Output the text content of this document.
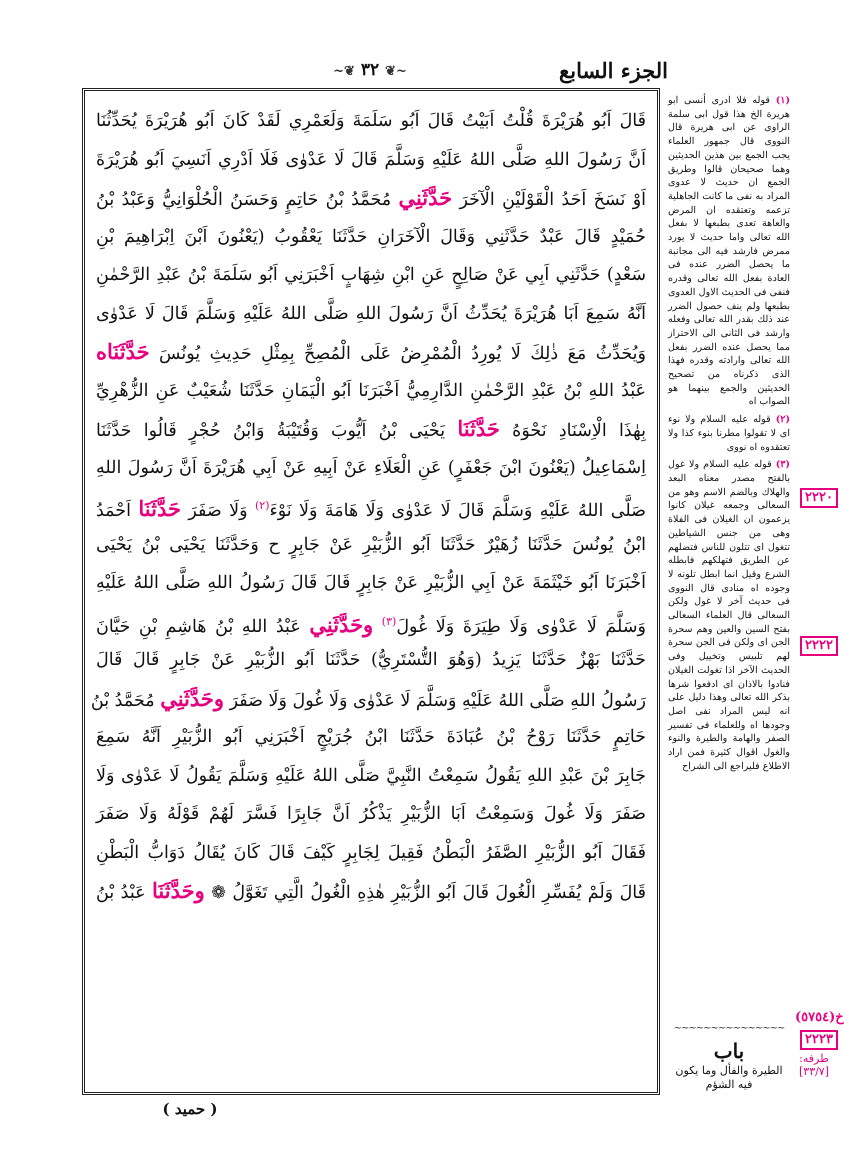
الجزء السابع
~❦ ٣٢ ❦~
قَالَ اَبُو هُرَيْرَةَ قُلْتُ اَبَيْتُ قَالَ اَبُو سَلَمَةَ وَلَعَمْرِي لَقَدْ كَانَ اَبُو هُرَيْرَةَ يُحَدِّثُنَا
اَنَّ رَسُولَ اللهِ صَلَّى اللهُ عَلَيْهِ وَسَلَّمَ قَالَ لَا عَدْوٰى فَلَا اَدْرِي اَنَسِيَ اَبُو هُرَيْرَةَ
اَوْ نَسَخَ اَحَدُ الْقَوْلَيْنِ الْآخَرَ حَدَّثَنِي مُحَمَّدُ بْنُ حَاتِمٍ وَحَسَنُ الْحُلْوَانِيُّ وَعَبْدُ بْنُ
حُمَيْدٍ قَالَ عَبْدٌ حَدَّثَنِي وَقَالَ الْآخَرَانِ حَدَّثَنَا يَعْقُوبُ (يَعْنُونَ اَبْنَ اِبْرَاهِيمَ بْنِ
سَعْدٍ) حَدَّثَنِي اَبِي عَنْ صَالِحٍ عَنِ ابْنِ شِهَابٍ اَخْبَرَنِي اَبُو سَلَمَةَ بْنُ عَبْدِ الرَّحْمٰنِ
اَنَّهُ سَمِعَ اَبَا هُرَيْرَةَ يُحَدِّثُ اَنَّ رَسُولَ اللهِ صَلَّى اللهُ عَلَيْهِ وَسَلَّمَ قَالَ لَا عَدْوٰى
وَيُحَدِّثُ مَعَ ذٰلِكَ لَا يُورِدُ الْمُمْرِضُ عَلَى الْمُصِحِّ بِمِثْلِ حَدِيثِ يُونُسَ حَدَّثَنَاه
عَبْدُ اللهِ بْنُ عَبْدِ الرَّحْمٰنِ الدَّارِمِيُّ اَخْبَرَنَا اَبُو الْيَمَانِ حَدَّثَنَا شُعَيْبٌ عَنِ الزُّهْرِيِّ
بِهٰذَا الْاِسْنَادِ نَحْوَهُ حَدَّثَنَا يَحْيَى بْنُ اَيُّوبَ وَقُتَيْبَةُ وَابْنُ حُجْرٍ قَالُوا حَدَّثَنَا
اِسْمَاعِيلُ (يَعْنُونَ ابْنَ جَعْفَرٍ) عَنِ الْعَلَاءِ عَنْ اَبِيهِ عَنْ اَبِي هُرَيْرَةَ اَنَّ رَسُولَ اللهِ
صَلَّى اللهُ عَلَيْهِ وَسَلَّمَ قَالَ لَا عَدْوٰى وَلَا هَامَةَ وَلَا نَوْءَ$^{(٢)}$ وَلَا صَفَرَ حَدَّثَنَا اَحْمَدُ
ابْنُ يُونُسَ حَدَّثَنَا زُهَيْرٌ حَدَّثَنَا اَبُو الزُّبَيْرِ عَنْ جَابِرٍ ح وَحَدَّثَنَا يَحْيَى بْنُ يَحْيَى
اَخْبَرَنَا اَبُو خَيْثَمَةَ عَنْ اَبِي الزُّبَيْرِ عَنْ جَابِرٍ قَالَ قَالَ رَسُولُ اللهِ صَلَّى اللهُ عَلَيْهِ
وَسَلَّمَ لَا عَدْوٰى وَلَا طِيَرَةَ وَلَا غُولَ$^{(٣)}$ وحَدَّثَنِي عَبْدُ اللهِ بْنُ هَاشِمِ بْنِ حَيَّانَ
حَدَّثَنَا بَهْزٌ حَدَّثَنَا يَزِيدُ (وَهُوَ التُّسْتَرِيُّ) حَدَّثَنَا اَبُو الزُّبَيْرِ عَنْ جَابِرٍ قَالَ قَالَ
رَسُولُ اللهِ صَلَّى اللهُ عَلَيْهِ وَسَلَّمَ لَا عَدْوٰى وَلَا غُولَ وَلَا صَفَرَ وحَدَّثَنِي مُحَمَّدُ بْنُ
حَاتِمٍ حَدَّثَنَا رَوْحُ بْنُ عُبَادَةَ حَدَّثَنَا ابْنُ جُرَيْجٍ اَخْبَرَنِي اَبُو الزُّبَيْرِ اَنَّهُ سَمِعَ
جَابِرَ بْنَ عَبْدِ اللهِ يَقُولُ سَمِعْتُ النَّبِيَّ صَلَّى اللهُ عَلَيْهِ وَسَلَّمَ يَقُولُ لَا عَدْوٰى وَلَا
صَفَرَ وَلَا غُولَ وَسَمِعْتُ اَبَا الزُّبَيْرِ يَذْكُرُ اَنَّ جَابِرًا فَسَّرَ لَهُمْ قَوْلَهُ وَلَا صَفَرَ
فَقَالَ اَبُو الزُّبَيْرِ الصَّفَرُ الْبَطْنُ فَقِيلَ لِجَابِرٍ كَيْفَ قَالَ كَانَ يُقَالُ دَوَابُّ الْبَطْنِ
قَالَ وَلَمْ يُفَسِّرِ الْغُولَ قَالَ اَبُو الزُّبَيْرِ هٰذِهِ الْغُولُ الَّتِي تَغَوَّلُ ❁ وحَدَّثَنَا عَبْدُ بْنُ
(١) قوله فلا ادرى أنسى ابو هريرة الخ هذا قول ابى سلمة الراوى عن ابى هريرة قال النووى قال جمهور العلماء يجب الجمع بين هذين الحديثين وهما صحيحان قالوا وطريق الجمع ان حديث لا عدوى المراد به نفى ما كانت الجاهلية تزعمه وتعتقده ان المرض والعاهة تعدى بطبعها لا بفعل الله تعالى واما حديث لا يورد ممرض فارشد فيه الى مجانبة ما يحصل الضرر عنده فى العادة بفعل الله تعالى وقدره فنفى فى الحديث الاول العدوى بطبعها ولم ينف حصول الضرر عند ذلك بقدر الله تعالى وفعله وارشد فى الثانى الى الاحتراز مما يحصل عنده الضرر بفعل الله تعالى وارادته وقدره فهذا الذى ذكرناه من تصحيح الحديثين والجمع بينهما هو الصواب اه
(٢) قوله عليه السلام ولا نوء اى لا تقولوا مطرنا بنوء كذا ولا تعتقدوه اه نووى
(٣) قوله عليه السلام ولا غول بالفتح مصدر معناه البعد والهلاك وبالضم الاسم وهو من السعالى وجمعه غيلان كانوا يزعمون ان الغيلان فى الفلاة وهى من جنس الشياطين تتغول اى تتلون للناس فتضلهم عن الطريق فتهلكهم فابطله الشرع وقيل انما ابطل تلونه لا وجوده اه منادى قال النووى فى حديث آخر لا غول ولكن السعالى قال العلماء السعالى بفتح السين والعين وهم سحرة الجن اى ولكن فى الجن سحرة لهم تلبيس وتخييل وفى الحديث الآخر اذا تغولت الغيلان فنادوا بالاذان اى ادفعوا شرها بذكر الله تعالى وهذا دليل على انه ليس المراد نفى اصل وجودها اه وللعلماء فى تفسير الصفر والهامة والطيرة والنوء والغول اقوال كثيرة فمن اراد الاطلاع فليراجع الى الشراح
~~~~~~~~~~~~~~~
باب
الطيرة والفأل وما يكون فيه الشؤم
٢٢٢٠
٢٢٢٢
خ(٥٧٥٤)
٢٢٢٣
طرفه: [٣٣/٧]
( حميد )
